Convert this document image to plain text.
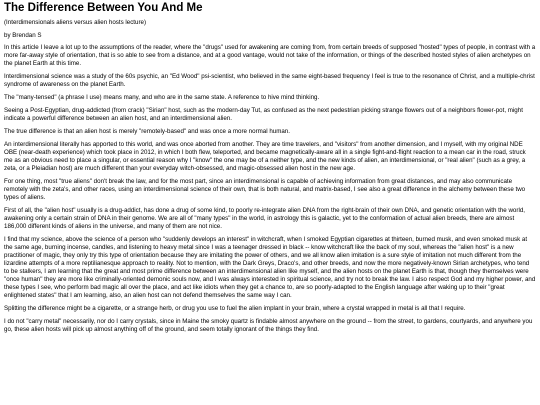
The Difference Between You And Me
(Interdimensionals aliens versus alien hosts lecture)
by Brendan S

In this article I leave a lot up to the assumptions of the reader, where the "drugs" used for awakening are coming from, from certain breeds of supposed "hosted" types of people, in contrast with a more far-away style of orientation, that is so able to see from a distance, and at a good vantage, would not take of the information, or things of the described hosted styles of alien archetypes on the planet Earth at this time.

Interdimensional science was a study of the 60s psychic, an "Ed Wood" psi-scientist, who believed in the same eight-based frequency I feel is true to the resonance of Christ, and a multiple-christ syndrome of awareness on the planet Earth.

The "many-tensed" (a phrase I use) means many, and who are in the same state. A reference to hive mind thinking.

Seeing a Post-Egyptian, drug-addicted (from crack) "Sirian" host, such as the modern-day Tut, as confused as the next pedestrian picking strange flowers out of a neighbors flower-pot, might indicate a powerful difference between an alien host, and an interdimensional alien.

The true difference is that an alien host is merely "remotely-based" and was once a more normal human.

An interdimensional literally has apported to this world, and was once aborted from another. They are time travelers, and "visitors" from another dimension, and I myself, with my original NDE OBE (near-death experience) which took place in 2012, in which I both flew, teleported, and became magnetically-aware all in a single fight-and-flight reaction to a mean car in the road, struck me as an obvious need to place a singular, or essential reason why I "know" the one may be of a neither type, and the new kinds of alien, an interdimensional, or "real alien" (such as a grey, a zeta, or a Pleiadian host) are much different than your everyday witch-obsessed, and magic-obsessed alien host in the new age.

For one thing, most "true aliens" don't break the law, and for the most part, since an interdimensional is capable of achieving information from great distances, and may also communicate remotely with the zeta's, and other races, using an interdimensional science of their own, that is both natural, and matrix-based, I see also a great difference in the alchemy between these two types of aliens.

First of all, the "alien host" usually is a drug-addict, has done a drug of some kind, to poorly re-integrate alien DNA from the right-brain of their own DNA, and genetic orientation with the world, awakening only a certain strain of DNA in their genome. We are all of "many types" in the world, in astrology this is galactic, yet to the conformation of actual alien breeds, there are almost 186,000 different kinds of aliens in the universe, and many of them are not nice.

I find that my science, above the science of a person who "suddenly develops an interest" in witchcraft, when I smoked Egyptian cigarettes at thirteen, burned musk, and even smoked musk at the same age, burning incense, candles, and listening to heavy metal since I was a teenager dressed in black -- know witchcraft like the back of my soul, whereas the "alien host" is a new practitioner of magic, they only try this type of orientation because they are imitating the power of others, and we all know alien imitation is a sure style of imitation not much different from the lizardine attempts of a more reptilianesque approach to reality. Not to mention, with the Dark Greys, Draco's, and other breeds, and now the more negatively-known Sirian archetypes, who tend to be stalkers, I am learning that the great and most prime difference between an interdimensional alien like myself, and the alien hosts on the planet Earth is that, though they themselves were "once human" they are more like criminally-oriented demonic souls now, and I was always interested in spiritual science, and try not to break the law. I also respect God and my higher power, and these types I see, who perform bad magic all over the place, and act like idiots when they get a chance to, are so poorly-adapted to the English language after waking up to their "great enlightened states" that I am learning, also, an alien host can not defend themselves the same way I can.

Splitting the difference might be a cigarette, or a strange herb, or drug you use to fuel the alien implant in your brain, where a crystal wrapped in metal is all that I require.

I do not "carry metal" necessarily, nor do I carry crystals, since in Maine the smoky quartz is findable almost anywhere on the ground -- from the street, to gardens, courtyards, and anywhere you go, these alien hosts will pick up almost anything off of the ground, and seem totally ignorant of the things they find.
